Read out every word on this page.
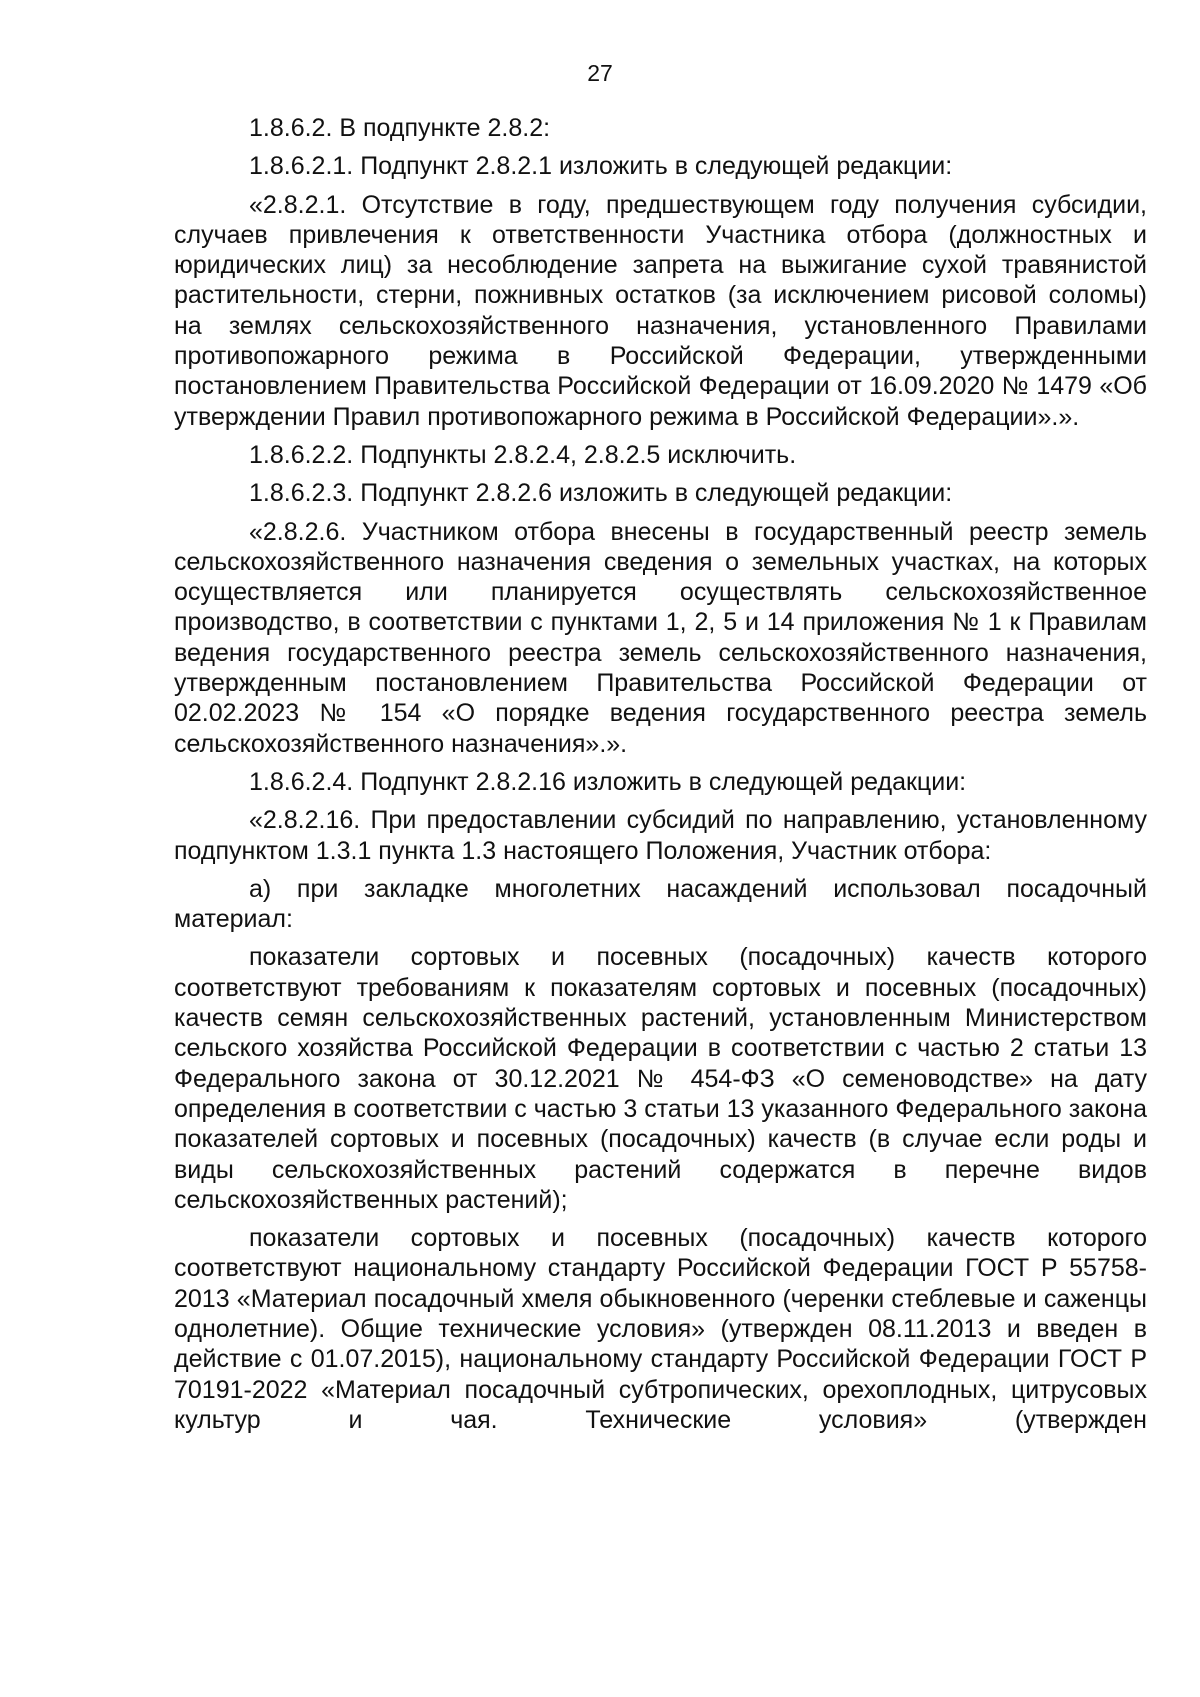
27

1.8.6.2. В подпункте 2.8.2:

1.8.6.2.1. Подпункт 2.8.2.1 изложить в следующей редакции:

«2.8.2.1. Отсутствие в году, предшествующем году получения субсидии, случаев привлечения к ответственности Участника отбора (должностных и юридических лиц) за несоблюдение запрета на выжигание сухой травянистой растительности, стерни, пожнивных остатков (за исключением рисовой соломы) на землях сельскохозяйственного назначения, установленного Правилами противопожарного режима в Российской Федерации, утвержденными постановлением Правительства Российской Федерации от 16.09.2020 № 1479 «Об утверждении Правил противопожарного режима в Российской Федерации».».

1.8.6.2.2. Подпункты 2.8.2.4, 2.8.2.5 исключить.

1.8.6.2.3. Подпункт 2.8.2.6 изложить в следующей редакции:

«2.8.2.6. Участником отбора внесены в государственный реестр земель сельскохозяйственного назначения сведения о земельных участках, на которых осуществляется или планируется осуществлять сельскохозяйственное производство, в соответствии с пунктами 1, 2, 5 и 14 приложения № 1 к Правилам ведения государственного реестра земель сельскохозяйственного назначения, утвержденным постановлением Правительства Российской Федерации от 02.02.2023 № 154 «О порядке ведения государственного реестра земель сельскохозяйственного назначения».».

1.8.6.2.4. Подпункт 2.8.2.16 изложить в следующей редакции:

«2.8.2.16. При предоставлении субсидий по направлению, установленному подпунктом 1.3.1 пункта 1.3 настоящего Положения, Участник отбора:

а) при закладке многолетних насаждений использовал посадочный материал:

показатели сортовых и посевных (посадочных) качеств которого соответствуют требованиям к показателям сортовых и посевных (посадочных) качеств семян сельскохозяйственных растений, установленным Министерством сельского хозяйства Российской Федерации в соответствии с частью 2 статьи 13 Федерального закона от 30.12.2021 № 454-ФЗ «О семеноводстве» на дату определения в соответствии с частью 3 статьи 13 указанного Федерального закона показателей сортовых и посевных (посадочных) качеств (в случае если роды и виды сельскохозяйственных растений содержатся в перечне видов сельскохозяйственных растений);

показатели сортовых и посевных (посадочных) качеств которого соответствуют национальному стандарту Российской Федерации ГОСТ Р 55758-2013 «Материал посадочный хмеля обыкновенного (черенки стеблевые и саженцы однолетние). Общие технические условия» (утвержден 08.11.2013 и введен в действие с 01.07.2015), национальному стандарту Российской Федерации ГОСТ Р 70191-2022 «Материал посадочный субтропических, орехоплодных, цитрусовых культур и чая. Технические условия» (утвержден
